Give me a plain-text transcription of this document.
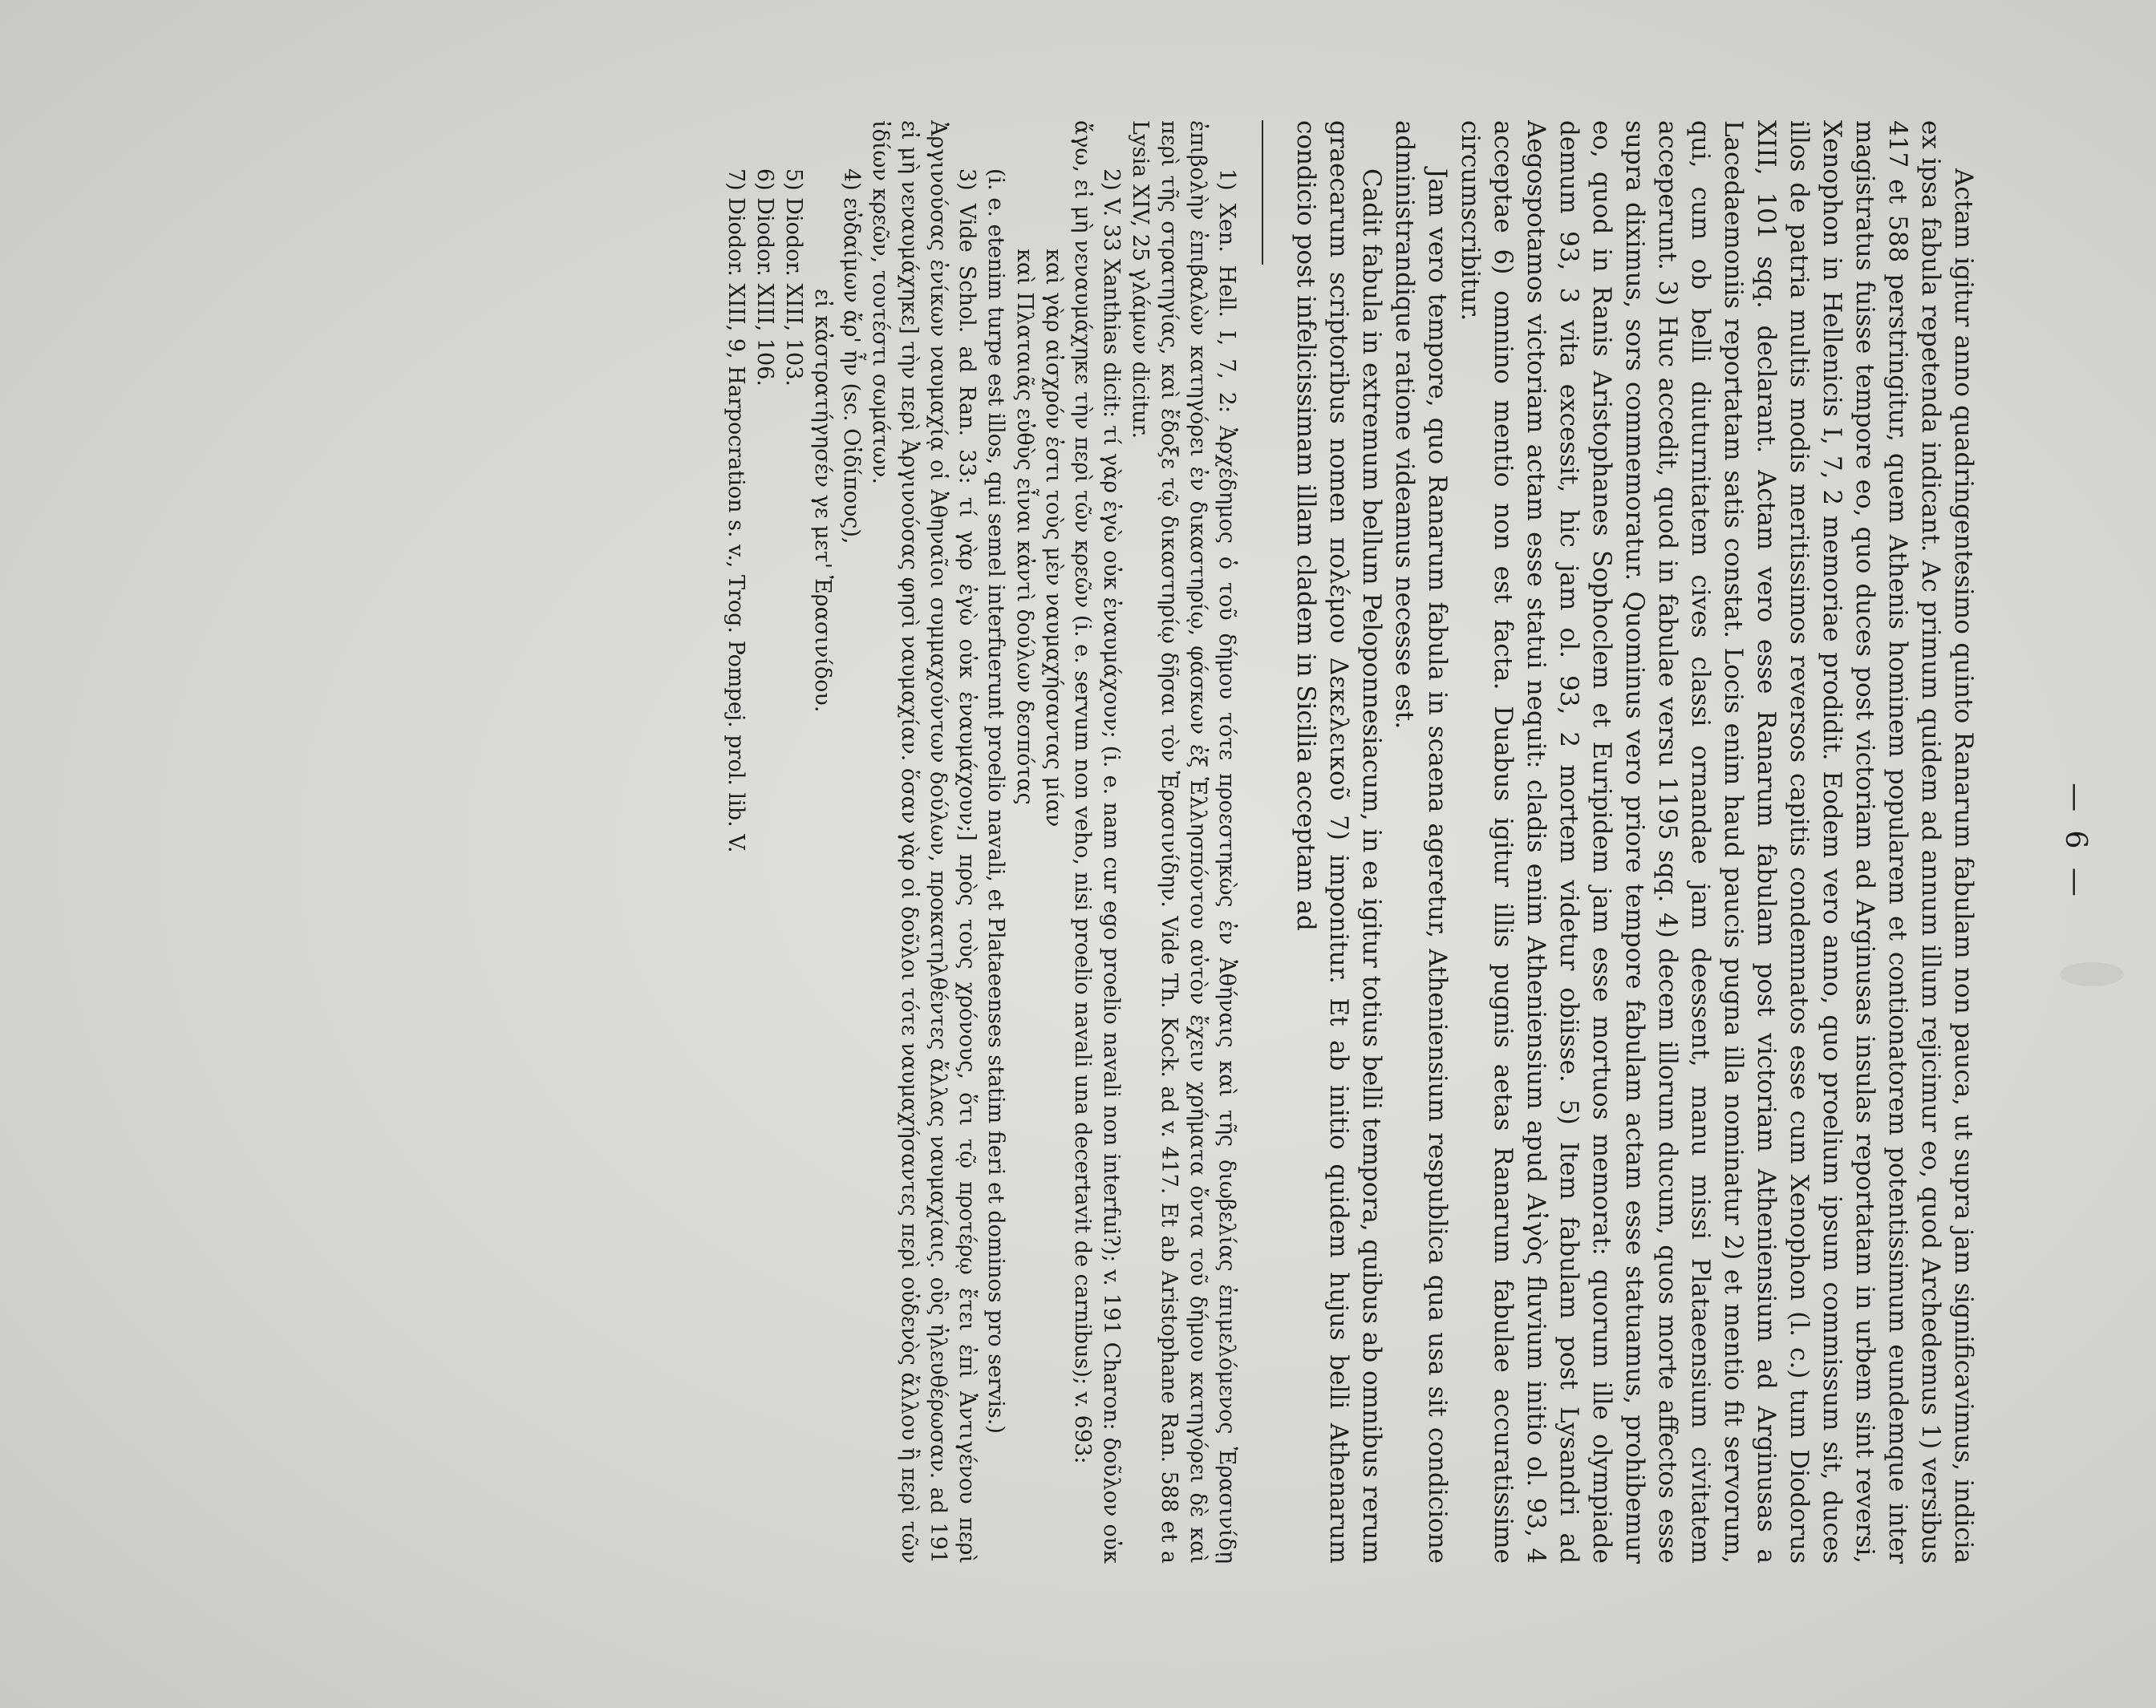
— 6 —

Actam igitur anno quadringentesimo quinto Ranarum fabulam non pauca, ut supra jam significavimus, indicia ex ipsa fabula repetenda indicant. Ac primum quidem ad annum illum rejicimur eo, quod Archedemus 1) versibus 417 et 588 perstringitur, quem Athenis hominem popularem et contionatorem potentissimum eundemque inter magistratus fuisse tempore eo, quo duces post victoriam ad Arginusas insulas reportatam in urbem sint reversi, Xenophon in Hellenicis I, 7, 2 memoriae prodidit. Eodem vero anno, quo proelium ipsum commissum sit, duces illos de patria multis modis meritissimos reversos capitis condemnatos esse cum Xenophon (l. c.) tum Diodorus XIII, 101 sqq. declarant. Actam vero esse Ranarum fabulam post victoriam Atheniensium ad Arginusas a Lacedaemoniis reportatam satis constat. Locis enim haud paucis pugna illa nominatur 2) et mentio fit servorum, qui, cum ob belli diuturnitatem cives classi ornandae jam deessent, manu missi Plataeensium civitatem acceperunt. 3) Huc accedit, quod in fabulae versu 1195 sqq. 4) decem illorum ducum, quos morte affectos esse supra diximus, sors commemoratur. Quominus vero priore tempore fabulam actam esse statuamus, prohibemur eo, quod in Ranis Aristophanes Sophoclem et Euripidem jam esse mortuos memorat: quorum ille olympiade demum 93, 3 vita excessit, hic jam ol. 93, 2 mortem videtur obiisse. 5) Item fabulam post Lysandri ad Aegospotamos victoriam actam esse statui nequit: cladis enim Atheniensium apud Αἰγὸς fluvium initio ol. 93, 4 acceptae 6) omnino mentio non est facta. Duabus igitur illis pugnis aetas Ranarum fabulae accuratissime circumscribitur.

Jam vero tempore, quo Ranarum fabula in scaena ageretur, Atheniensium respublica qua usa sit condicione administrandique ratione videamus necesse est.

Cadit fabula in extremum bellum Peloponnesiacum, in ea igitur totius belli tempora, quibus ab omnibus rerum graecarum scriptoribus nomen πολέμου Δεκελεικοῦ 7) imponitur. Et ab initio quidem hujus belli Athenarum condicio post infelicissimam illam cladem in Sicilia acceptam ad

1) Xen. Hell. I, 7, 2: Ἀρχέδημος ὁ τοῦ δήμου τότε προεστηκὼς ἐν Ἀθήναις καὶ τῆς διωβελίας ἐπιμελόμενος Ἐρασινίδῃ ἐπιβολὴν ἐπιβαλὼν κατηγόρει ἐν δικαστηρίῳ, φάσκων ἐξ Ἑλλησπόντου αὐτὸν ἔχειν χρήματα ὄντα τοῦ δήμου κατηγόρει δὲ καὶ περὶ τῆς στρατηγίας, καὶ ἔδοξε τῷ δικαστηρίῳ δῆσαι τὸν Ἐρασινίδην. Vide Th. Kock. ad v. 417. Et ab Aristophane Ran. 588 et a Lysia XIV, 25 γλάμων dicitur.

2) V. 33 Xanthias dicit: τί γὰρ ἐγὼ οὐκ ἐναυμάχουν; (i. e. nam cur ego proelio navali non interfui?); v. 191 Charon: δοῦλον οὐκ ἄγω, εἰ μὴ νεναυμάχηκε τὴν περὶ τῶν κρεῶν (i. e. servum non veho, nisi proelio navali una decertavit de carnibus); v. 693:

καὶ γὰρ αἰσχρόν ἐστι τοὺς μὲν ναυμαχήσαντας μίαν

καὶ Πλαταιᾶς εὐθὺς εἶναι κἀντὶ δούλων δεσπότας

(i. e. etenim turpe est illos, qui semel interfuerunt proelio navali, et Plataeenses statim fieri et dominos pro servis.)

3) Vide Schol. ad Ran. 33: τί γὰρ ἐγὼ οὐκ ἐναυμάχουν;] πρὸς τοὺς χρόνους, ὅτι τῷ προτέρῳ ἔτει ἐπὶ Ἀντιγένου περὶ Ἀργινούσας ἐνίκων ναυμαχίᾳ οἱ Ἀθηναῖοι συμμαχούντων δούλων, προκατηλθέντες ἄλλας ναυμαχίαις. οὓς ἠλευθέρωσαν. ad 191 εἰ μὴ νεναυμάχηκε] τὴν περὶ Ἀργινούσας φησὶ ναυμαχίαν. ὅσαν γὰρ οἱ δοῦλοι τότε ναυμαχήσαντες περὶ οὐδενὸς ἄλλου ἢ περὶ τῶν ἰδίων κρεῶν, τουτέστι σωμάτων.

4) εὐδαίμων ἄρ' ἦν (sc. Οἰδίπους),

εἰ κἀστρατήγησέν γε μετ' Ἐρασινίδου.

5) Diodor. XIII, 103.

6) Diodor. XIII, 106.

7) Diodor. XIII, 9, Harpocration s. v., Trog. Pompej. prol. lib. V.
